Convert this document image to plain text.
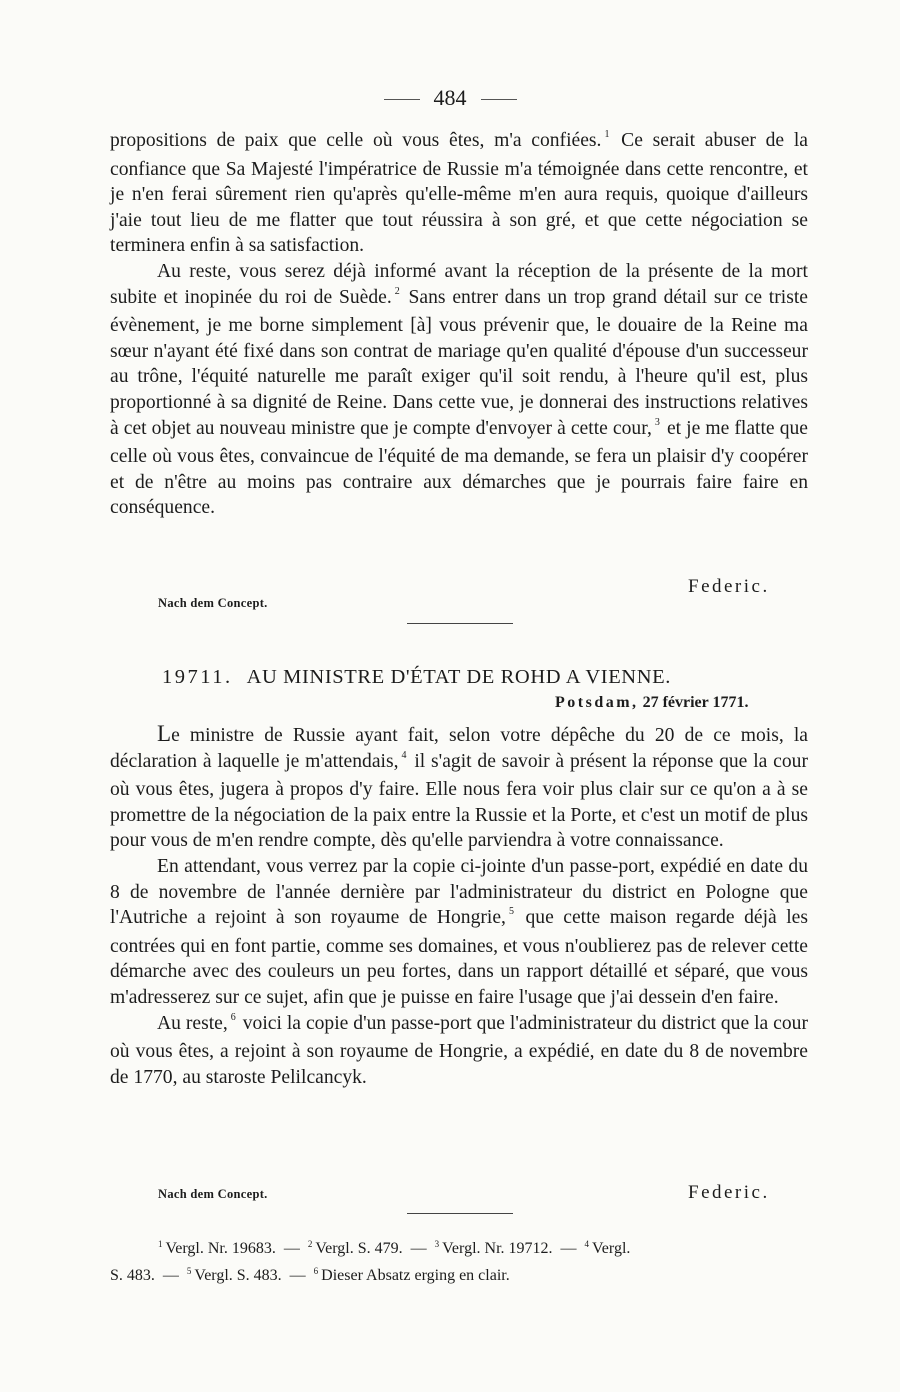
484

propositions de paix que celle où vous êtes, m'a confiées. $^1$ Ce serait abuser de la confiance que Sa Majesté l'impératrice de Russie m'a témoignée dans cette rencontre, et je n'en ferai sûrement rien qu'après qu'elle-même m'en aura requis, quoique d'ailleurs j'aie tout lieu de me flatter que tout réussira à son gré, et que cette négociation se terminera enfin à sa satisfaction.

Au reste, vous serez déjà informé avant la réception de la présente de la mort subite et inopinée du roi de Suède. $^2$ Sans entrer dans un trop grand détail sur ce triste évènement, je me borne simplement [à] vous prévenir que, le douaire de la Reine ma sœur n'ayant été fixé dans son contrat de mariage qu'en qualité d'épouse d'un successeur au trône, l'équité naturelle me paraît exiger qu'il soit rendu, à l'heure qu'il est, plus proportionné à sa dignité de Reine. Dans cette vue, je donnerai des instructions relatives à cet objet au nouveau ministre que je compte d'envoyer à cette cour, $^3$ et je me flatte que celle où vous êtes, convaincue de l'équité de ma demande, se fera un plaisir d'y coopérer et de n'être au moins pas contraire aux démarches que je pourrais faire faire en conséquence.

Federic.
Nach dem Concept.
19711. AU MINISTRE D'ÉTAT DE ROHD A VIENNE.
Potsdam, 27 février 1771.

Le ministre de Russie ayant fait, selon votre dépêche du 20 de ce mois, la déclaration à laquelle je m'attendais, $^4$ il s'agit de savoir à présent la réponse que la cour où vous êtes, jugera à propos d'y faire. Elle nous fera voir plus clair sur ce qu'on a à se promettre de la négociation de la paix entre la Russie et la Porte, et c'est un motif de plus pour vous de m'en rendre compte, dès qu'elle parviendra à votre connaissance.

En attendant, vous verrez par la copie ci-jointe d'un passe-port, expédié en date du 8 de novembre de l'année dernière par l'administrateur du district en Pologne que l'Autriche a rejoint à son royaume de Hongrie, $^5$ que cette maison regarde déjà les contrées qui en font partie, comme ses domaines, et vous n'oublierez pas de relever cette démarche avec des couleurs un peu fortes, dans un rapport détaillé et séparé, que vous m'adresserez sur ce sujet, afin que je puisse en faire l'usage que j'ai dessein d'en faire.

Au reste, $^6$ voici la copie d'un passe-port que l'administrateur du district que la cour où vous êtes, a rejoint à son royaume de Hongrie, a expédié, en date du 8 de novembre de 1770, au staroste Pelilcancyk.

Nach dem Concept.	Federic.
$^1$ Vergl. Nr. 19683. — $^2$ Vergl. S. 479. — $^3$ Vergl. Nr. 19712. — $^4$ Vergl.
S. 483. — $^5$ Vergl. S. 483. — $^6$ Dieser Absatz erging en clair.
